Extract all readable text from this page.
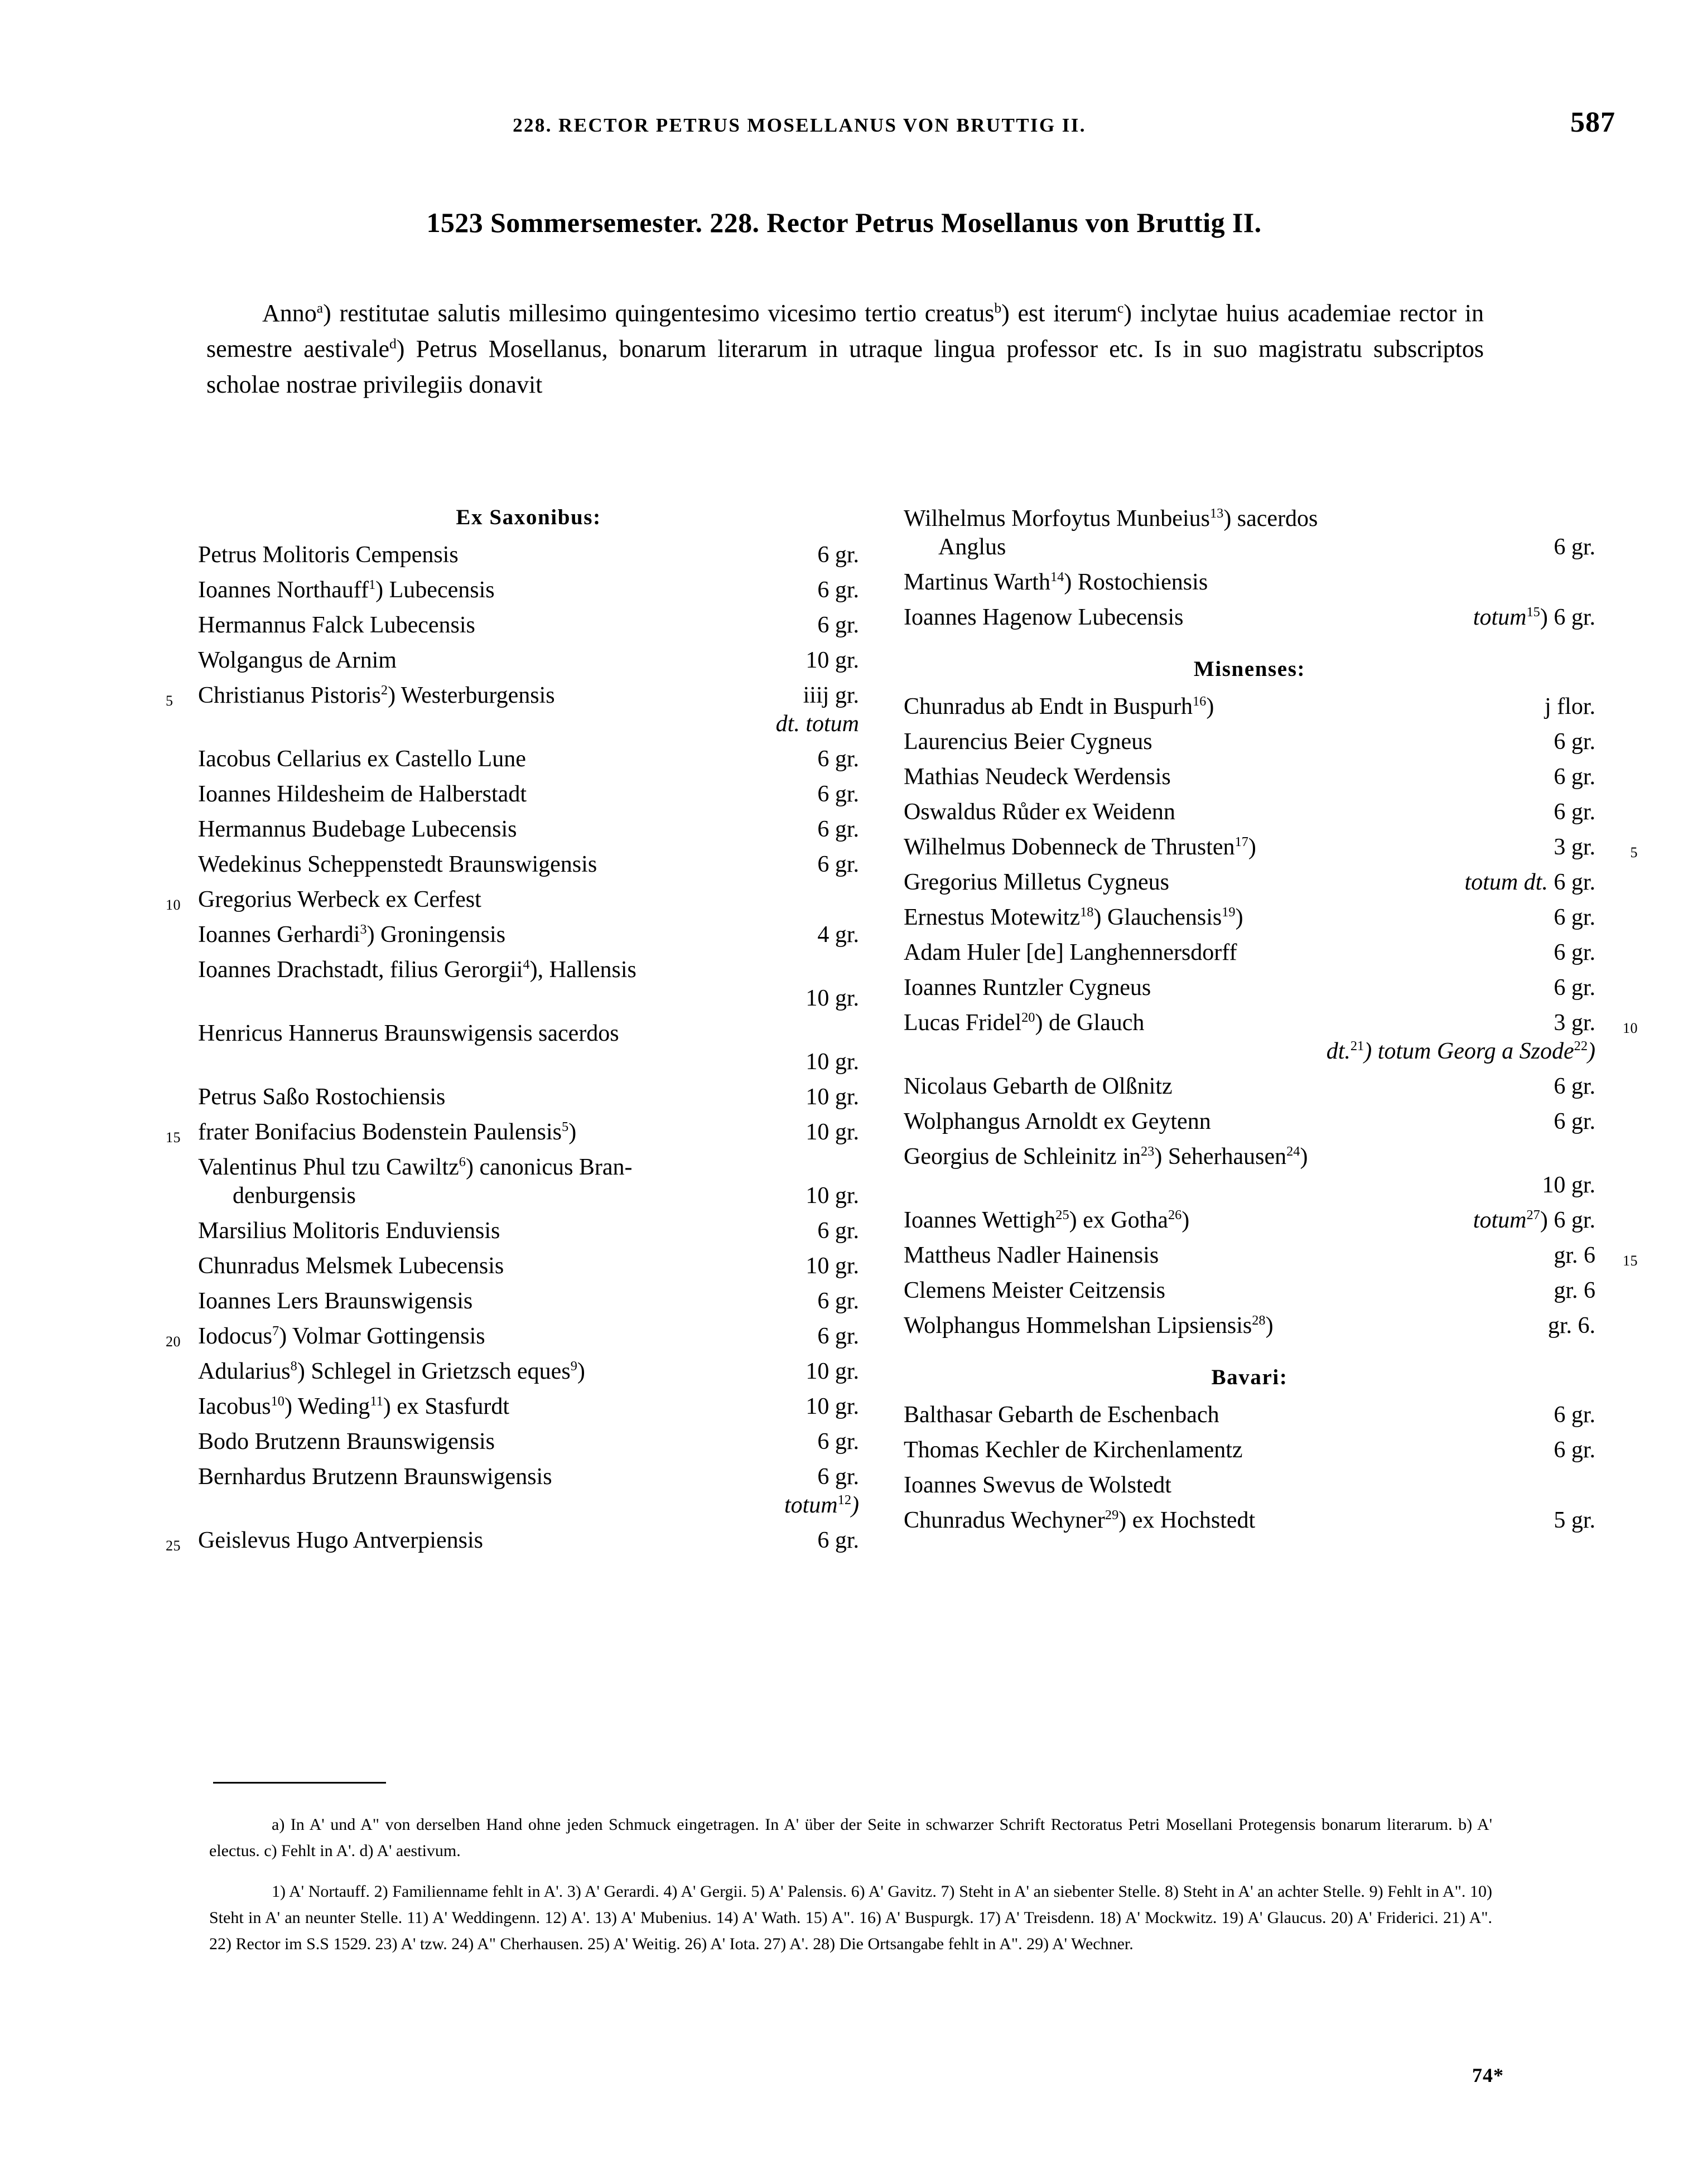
228. RECTOR PETRUS MOSELLANUS VON BRUTTIG II.	587
1523 Sommersemester. 228. Rector Petrus Mosellanus von Bruttig II.
Anno$^a$) restitutae salutis millesimo quingentesimo vicesimo tertio creatus$^b$) est iterum$^c$) inclytae huius academiae rector in semestre aestivale$^d$) Petrus Mosellanus, bonarum literarum in utraque lingua professor etc. Is in suo magistratu subscriptos scholae nostrae privilegiis donavit
Ex Saxonibus:
Petrus Molitoris Cempensis	6 gr.
Ioannes Northauff$^1$) Lubecensis	6 gr.
Hermannus Falck Lubecensis	6 gr.
Wolgangus de Arnim	10 gr.
5 Christianus Pistoris$^2$) Westerburgensis	iiij gr.
dt. totum
Iacobus Cellarius ex Castello Lune	6 gr.
Ioannes Hildesheim de Halberstadt	6 gr.
Hermannus Budebage Lubecensis	6 gr.
Wedekinus Scheppenstedt Braunswigensis	6 gr.
10 Gregorius Werbeck ex Cerfest
Ioannes Gerhardi$^3$) Groningensis	4 gr.
Ioannes Drachstadt, filius Gerorgii$^4$), Hallensis
10 gr.
Henricus Hannerus Braunswigensis sacerdos
10 gr.
Petrus Saßo Rostochiensis	10 gr.
15 frater Bonifacius Bodenstein Paulensis$^5$)	10 gr.
Valentinus Phul tzu Cawiltz$^6$) canonicus Bran-
denburgensis	10 gr.
Marsilius Molitoris Enduviensis	6 gr.
Chunradus Melsmek Lubecensis	10 gr.
Ioannes Lers Braunswigensis	6 gr.
20 Iodocus$^7$) Volmar Gottingensis	6 gr.
Adularius$^8$) Schlegel in Grietzsch eques$^9$)	10 gr.
Iacobus$^{10}$) Weding$^{11}$) ex Stasfurdt	10 gr.
Bodo Brutzenn Braunswigensis	6 gr.
Bernhardus Brutzenn Braunswigensis	6 gr.
totum$^{12}$)
25 Geislevus Hugo Antverpiensis	6 gr.
Wilhelmus Morfoytus Munbeius$^{13}$) sacerdos
Anglus	6 gr.
Martinus Warth$^{14}$) Rostochiensis
Ioannes Hagenow Lubecensis	totum$^{15}$) 6 gr.
Misnenses:
Chunradus ab Endt in Buspurh$^{16}$)	ј flor.
Laurencius Beier Cygneus	6 gr.
Mathias Neudeck Werdensis	6 gr.
Oswaldus Růder ex Weidenn	6 gr.
5
Wilhelmus Dobenneck de Thrusten$^{17}$)	3 gr.
Gregorius Milletus Cygneus	totum dt. 6 gr.
Ernestus Motewitz$^{18}$) Glauchensis$^{19}$)	6 gr.
Adam Huler [de] Langhennersdorff	6 gr.
Ioannes Runtzler Cygneus	6 gr.
10
Lucas Fridel$^{20}$) de Glauch	3 gr.
dt.$^{21}$) totum Georg a Szode$^{22}$)
Nicolaus Gebarth de Olßnitz	6 gr.
Wolphangus Arnoldt ex Geytenn	6 gr.
Georgius de Schleinitz $in^{23}$) Seherhausen$^{24}$)
10 gr.
Ioannes Wettigh$^{25}$) ex Gotha$^{26}$)	totum$^{27}$) 6 gr.
15
Mattheus Nadler Hainensis	gr. 6
Clemens Meister Ceitzensis	gr. 6
Wolphangus Hommelshan Lipsiensis$^{28}$)	gr. 6.
Bavari:
Balthasar Gebarth de Eschenbach	6 gr.
Thomas Kechler de Kirchenlamentz	6 gr.
Ioannes Swevus de Wolstedt
Chunradus Wechyner$^{29}$) ex Hochstedt	5 gr.

a) In A' und A" von derselben Hand ohne jeden Schmuck eingetragen. In A' über der Seite in schwarzer Schrift Rectoratus Petri Mosellani Protegensis bonarum literarum. b) A' electus. c) Fehlt in A'. d) A' aestivum.

1) A' Nortauff. 2) Familienname fehlt in A'. 3) A' Gerardi. 4) A' Gergii. 5) A' Palensis. 6) A' Gavitz. 7) Steht in A' an siebenter Stelle. 8) Steht in A' an achter Stelle. 9) Fehlt in A". 10) Steht in A' an neunter Stelle. 11) A' Weddingenn. 12) A'. 13) A' Mubenius. 14) A' Wath. 15) A". 16) A' Buspurgk. 17) A' Treisdenn. 18) A' Mockwitz. 19) A' Glaucus. 20) A' Friderici. 21) A". 22) Rector im S.S 1529. 23) A' tzw. 24) A" Cherhausen. 25) A' Weitig. 26) A' Iota. 27) A'. 28) Die Ortsangabe fehlt in A". 29) A' Wechner.

74*
